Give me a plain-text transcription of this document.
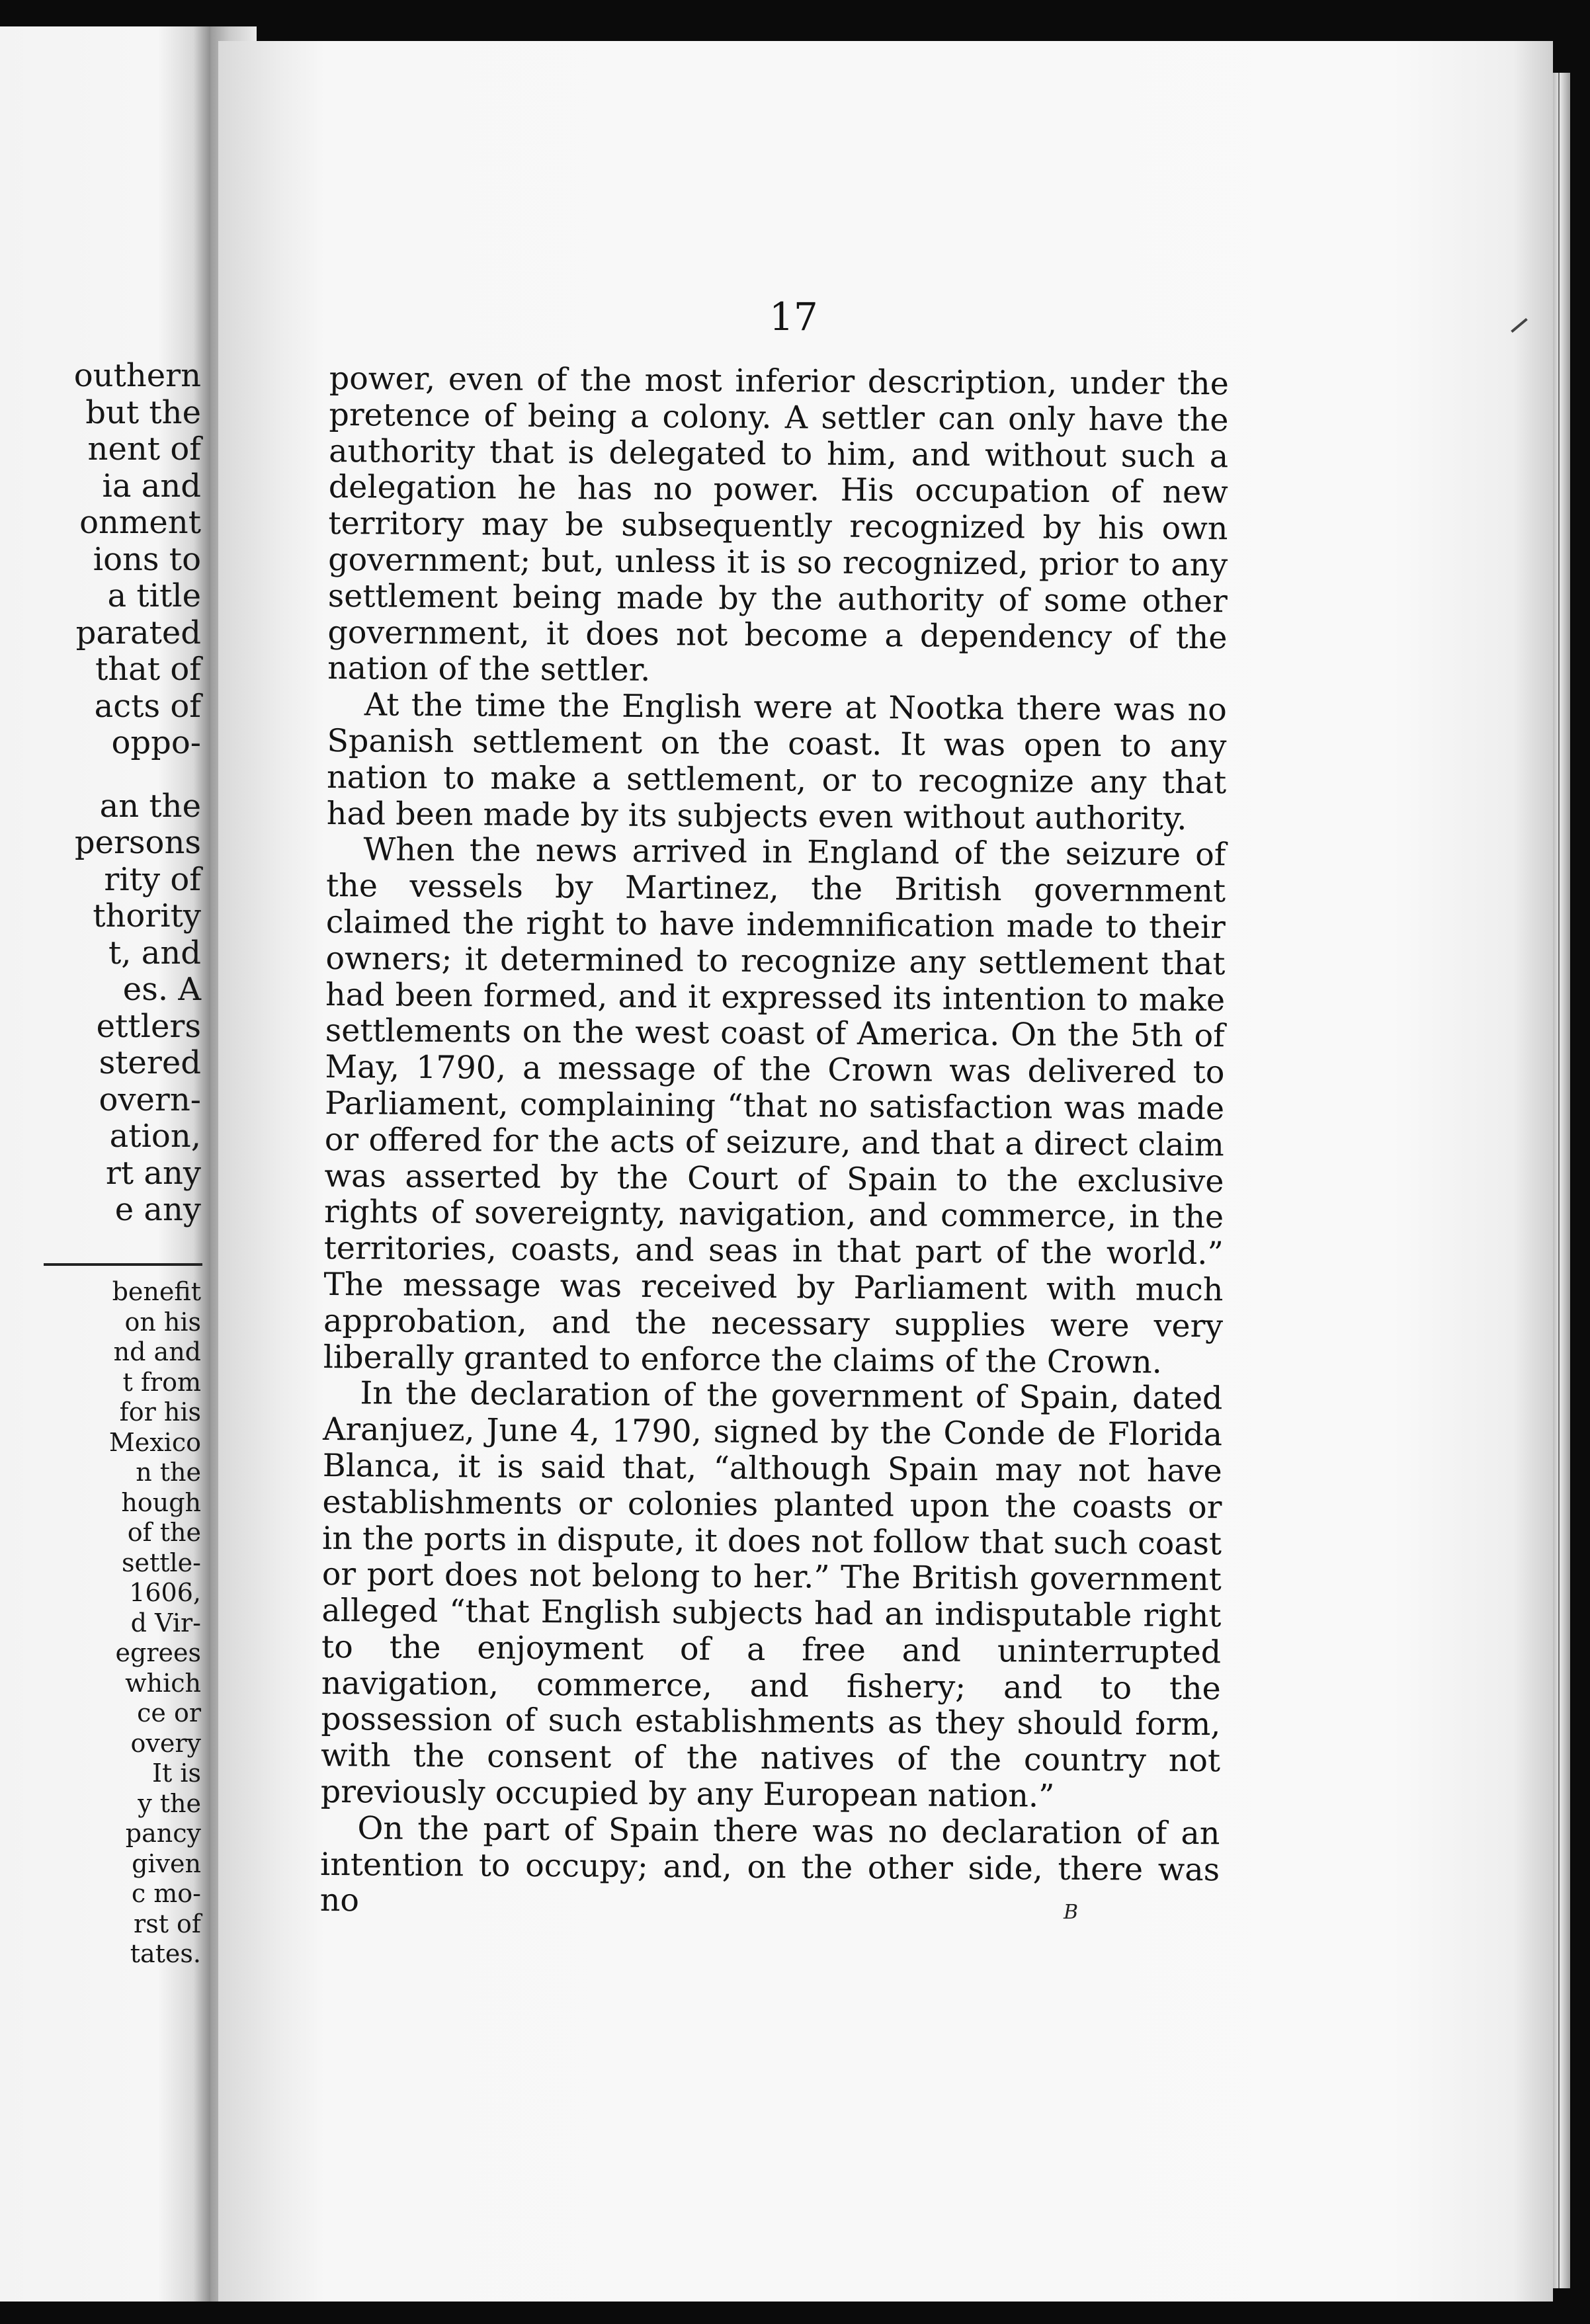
outhern
but the
nent of
ia and
onment
ions to
a title
parated
that of
acts of
oppo-
an the
persons
rity of
thority
t, and
es. A
ettlers
stered
overn-
ation,
rt any
e any
benefit
on his
nd and
t from
for his
Mexico
n the
hough
of the
settle-
1606,
d Vir-
egrees
which
ce or
overy
It is
y the
pancy
given
c mo-
rst of
tates.
17

power, even of the most inferior description, under the pretence of being a colony. A settler can only have the authority that is delegated to him, and without such a delegation he has no power. His occupation of new territory may be subsequently recognized by his own government; but, unless it is so recognized, prior to any settlement being made by the authority of some other government, it does not become a dependency of the nation of the settler.

At the time the English were at Nootka there was no Spanish settlement on the coast. It was open to any nation to make a settlement, or to recognize any that had been made by its subjects even without authority.

When the news arrived in England of the seizure of the vessels by Martinez, the British government claimed the right to have indemnification made to their owners; it determined to recognize any settlement that had been formed, and it expressed its intention to make settlements on the west coast of America. On the 5th of May, 1790, a message of the Crown was delivered to Parliament, complaining “that no satisfaction was made or offered for the acts of seizure, and that a direct claim was asserted by the Court of Spain to the exclusive rights of sovereignty, navigation, and commerce, in the territories, coasts, and seas in that part of the world.” The message was received by Parliament with much approbation, and the necessary supplies were very liberally granted to enforce the claims of the Crown.

In the declaration of the government of Spain, dated Aranjuez, June 4, 1790, signed by the Conde de Florida Blanca, it is said that, “although Spain may not have establishments or colonies planted upon the coasts or in the ports in dispute, it does not follow that such coast or port does not belong to her.” The British government alleged “that English subjects had an indisputable right to the enjoyment of a free and uninterrupted navigation, commerce, and fishery; and to the possession of such establishments as they should form, with the consent of the natives of the country not previously occupied by any European nation.”

On the part of Spain there was no declaration of an intention to occupy; and, on the other side, there was no	B
